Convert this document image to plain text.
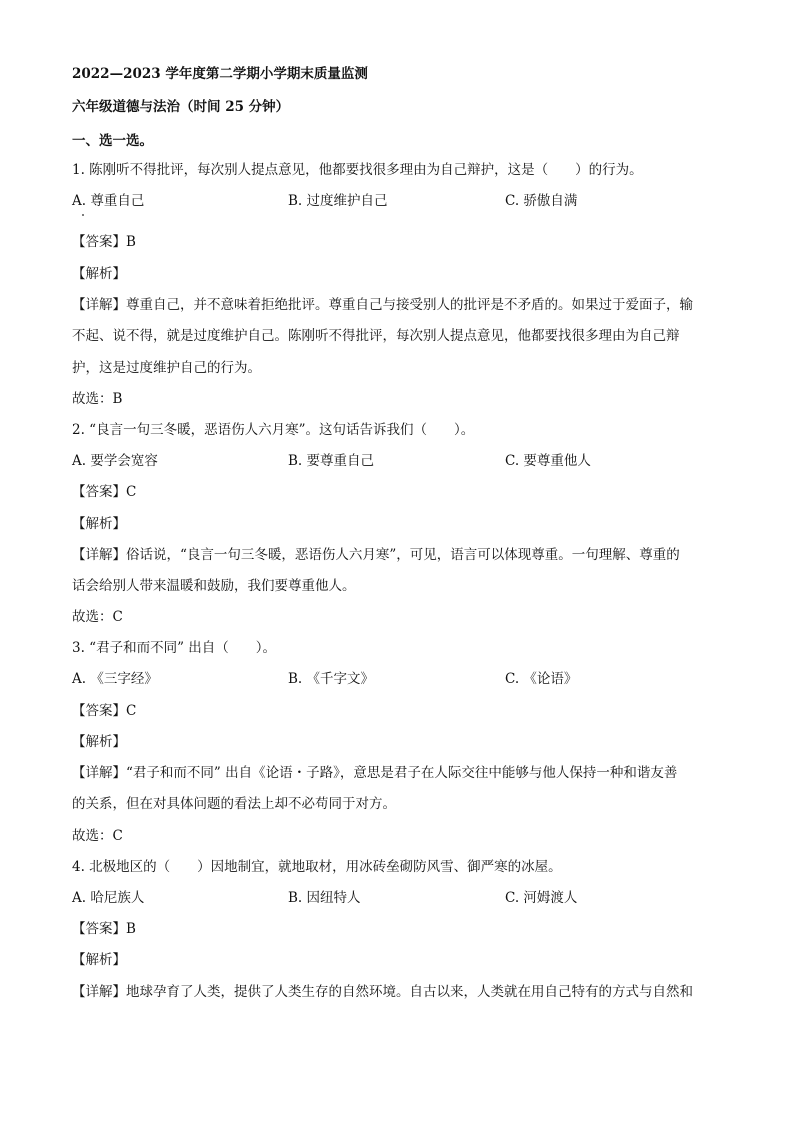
2022—2023 学年度第二学期小学期末质量监测
六年级道德与法治（时间 25 分钟）
一、选一选。
1. 陈刚听不得批评，每次别人提点意见，他都要找很多理由为自己辩护，这是（　　）的行为。
A. 尊重自己	B. 过度维护自己	C. 骄傲自满
【答案】B
【解析】
【详解】尊重自己，并不意味着拒绝批评。尊重自己与接受别人的批评是不矛盾的。如果过于爱面子，输
不起、说不得，就是过度维护自己。陈刚听不得批评，每次别人提点意见，他都要找很多理由为自己辩
护，这是过度维护自己的行为。
故选：B
2. “良言一句三冬暖，恶语伤人六月寒”。这句话告诉我们（　　）。
A. 要学会宽容	B. 要尊重自己	C. 要尊重他人
【答案】C
【解析】
【详解】俗话说，“良言一句三冬暖，恶语伤人六月寒”，可见，语言可以体现尊重。一句理解、尊重的
话会给别人带来温暖和鼓励，我们要尊重他人。
故选：C
3. “君子和而不同” 出自（　　）。
A. 《三字经》	B. 《千字文》	C. 《论语》
【答案】C
【解析】
【详解】“君子和而不同” 出自《论语・子路》，意思是君子在人际交往中能够与他人保持一种和谐友善
的关系，但在对具体问题的看法上却不必苟同于对方。
故选：C
4. 北极地区的（　　）因地制宜，就地取材，用冰砖垒砌防风雪、御严寒的冰屋。
A. 哈尼族人	B. 因纽特人	C. 河姆渡人
【答案】B
【解析】
【详解】地球孕育了人类，提供了人类生存的自然环境。自古以来，人类就在用自己特有的方式与自然和
